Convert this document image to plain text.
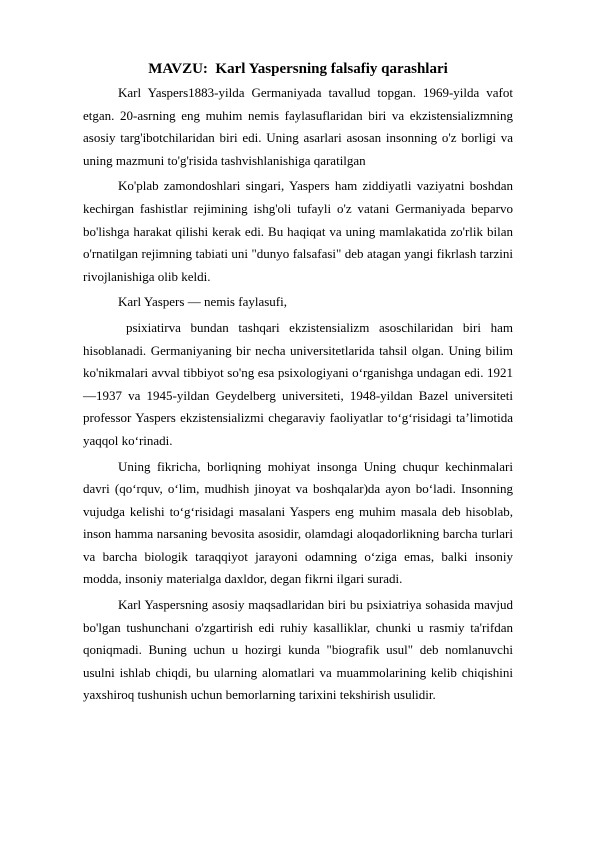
MAVZU:  Karl Yaspersning falsafiy qarashlari

Karl Yaspers1883-yilda Germaniyada tavallud topgan. 1969-yilda vafot etgan. 20-asrning eng muhim nemis faylasuflaridan biri va ekzistensializmning asosiy targ'ibotchilaridan biri edi. Uning asarlari asosan insonning o'z borligi va uning mazmuni to'g'risida tashvishlanishiga qaratilgan

Ko'plab zamondoshlari singari, Yaspers ham ziddiyatli vaziyatni boshdan kechirgan fashistlar rejimining ishg'oli tufayli o'z vatani Germaniyada beparvo bo'lishga harakat qilishi kerak edi. Bu haqiqat va uning mamlakatida zo'rlik bilan o'rnatilgan rejimning tabiati uni "dunyo falsafasi" deb atagan yangi fikrlash tarzini rivojlanishiga olib keldi.

Karl Yaspers — nemis faylasufi,

psixiatirva bundan tashqari ekzistensializm asoschilaridan biri ham hisoblanadi. Germaniyaning bir necha universitetlarida tahsil olgan. Uning bilim ko'nikmalari avval tibbiyot so'ng esa psixologiyani o‘rganishga undagan edi. 1921—1937 va 1945-yildan Geydelberg universiteti, 1948-yildan Bazel universiteti professor Yaspers ekzistensializmi chegaraviy faoliyatlar to‘g‘risidagi ta’limotida yaqqol ko‘rinadi.

Uning fikricha, borliqning mohiyat insonga Uning chuqur kechinmalari davri (qo‘rquv, o‘lim, mudhish jinoyat va boshqalar)da ayon bo‘ladi. Insonning vujudga kelishi to‘g‘risidagi masalani Yaspers eng muhim masala deb hisoblab, inson hamma narsaning bevosita asosidir, olamdagi aloqadorlikning barcha turlari va barcha biologik taraqqiyot jarayoni odamning o‘ziga emas, balki insoniy modda, insoniy materialga daxldor, degan fikrni ilgari suradi.

Karl Yaspersning asosiy maqsadlaridan biri bu psixiatriya sohasida mavjud bo'lgan tushunchani o'zgartirish edi ruhiy kasalliklar, chunki u rasmiy ta'rifdan qoniqmadi. Buning uchun u hozirgi kunda "biografik usul" deb nomlanuvchi usulni ishlab chiqdi, bu ularning alomatlari va muammolarining kelib chiqishini yaxshiroq tushunish uchun bemorlarning tarixini tekshirish usulidir.
